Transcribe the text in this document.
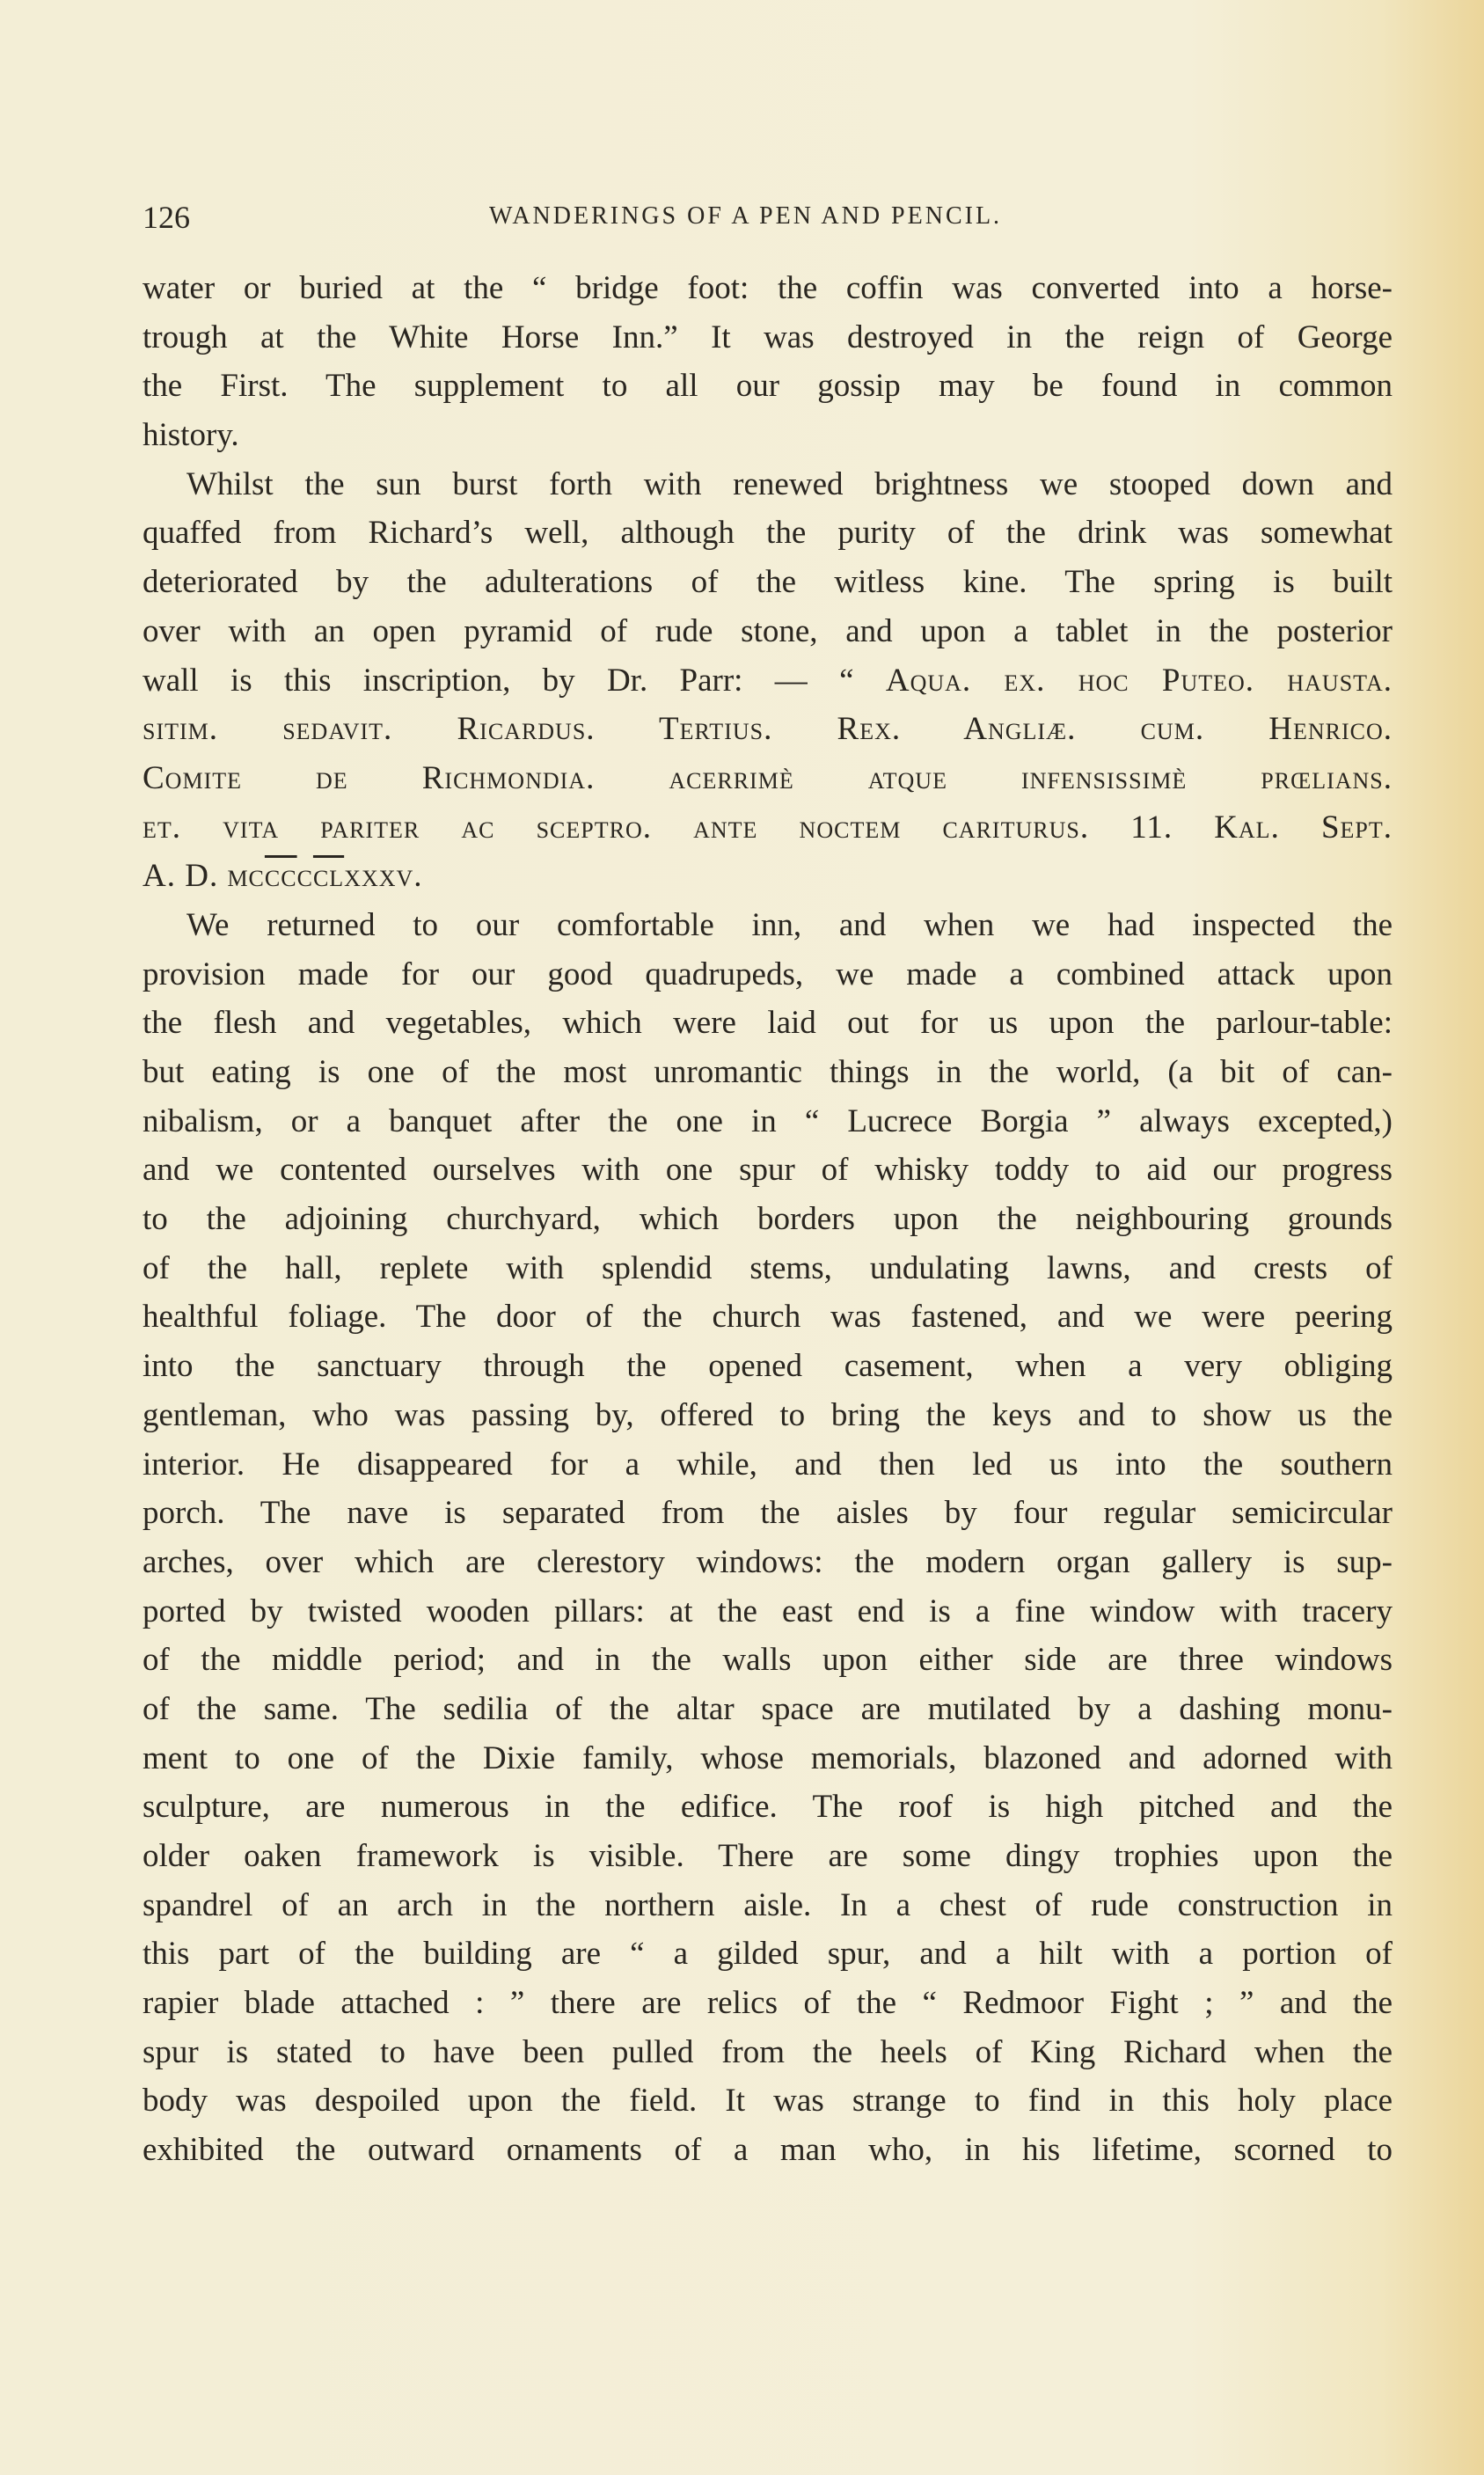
126	WANDERINGS OF A PEN AND PENCIL.
water or buried at the “ bridge foot: the coffin was converted into a horse-
trough at the White Horse Inn.” It was destroyed in the reign of George
the First. The supplement to all our gossip may be found in common
history.
Whilst the sun burst forth with renewed brightness we stooped down and
quaffed from Richard’s well, although the purity of the drink was somewhat
deteriorated by the adulterations of the witless kine. The spring is built
over with an open pyramid of rude stone, and upon a tablet in the posterior
wall is this inscription, by Dr. Parr: — “ Aqua. ex. hoc Puteo. hausta.
sitim. sedavit. Ricardus. Tertius. Rex. Angliæ. cum. Henrico.
Comite de Richmondia. acerrimè atque infensissimè prœlians.
et. vita pariter ac sceptro. ante noctem cariturus. 11. Kal. Sept.
A. D. $mc\overline{cc}c\overline{cl}xxxv$.
We returned to our comfortable inn, and when we had inspected the
provision made for our good quadrupeds, we made a combined attack upon
the flesh and vegetables, which were laid out for us upon the parlour-table:
but eating is one of the most unromantic things in the world, (a bit of can-
nibalism, or a banquet after the one in “ Lucrece Borgia ” always excepted,)
and we contented ourselves with one spur of whisky toddy to aid our progress
to the adjoining churchyard, which borders upon the neighbouring grounds
of the hall, replete with splendid stems, undulating lawns, and crests of
healthful foliage. The door of the church was fastened, and we were peering
into the sanctuary through the opened casement, when a very obliging
gentleman, who was passing by, offered to bring the keys and to show us the
interior. He disappeared for a while, and then led us into the southern
porch. The nave is separated from the aisles by four regular semicircular
arches, over which are clerestory windows: the modern organ gallery is sup-
ported by twisted wooden pillars: at the east end is a fine window with tracery
of the middle period; and in the walls upon either side are three windows
of the same. The sedilia of the altar space are mutilated by a dashing monu-
ment to one of the Dixie family, whose memorials, blazoned and adorned with
sculpture, are numerous in the edifice. The roof is high pitched and the
older oaken framework is visible. There are some dingy trophies upon the
spandrel of an arch in the northern aisle. In a chest of rude construction in
this part of the building are “ a gilded spur, and a hilt with a portion of
rapier blade attached : ” there are relics of the “ Redmoor Fight ; ” and the
spur is stated to have been pulled from the heels of King Richard when the
body was despoiled upon the field. It was strange to find in this holy place
exhibited the outward ornaments of a man who, in his lifetime, scorned to
